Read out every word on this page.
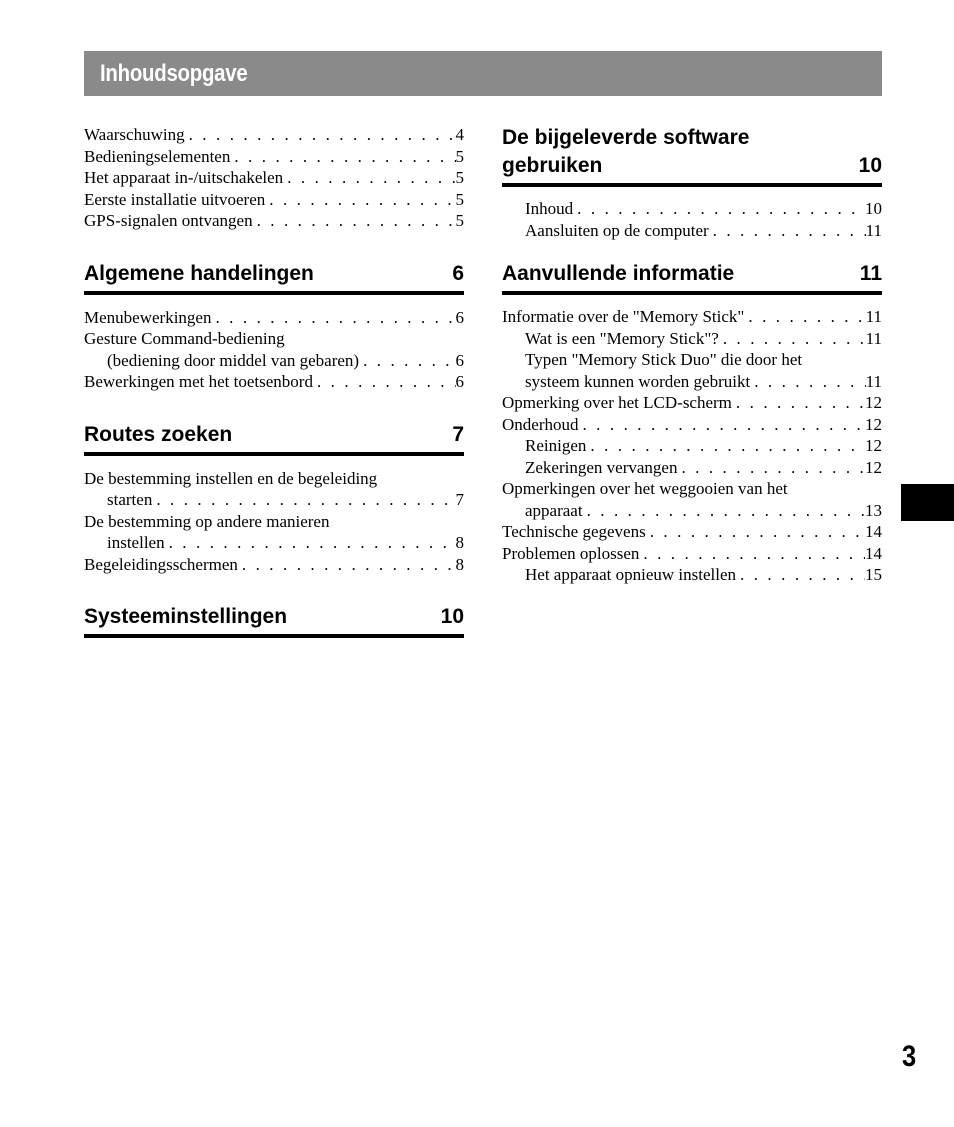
Inhoudsopgave
Waarschuwing . . .	4
Bedieningselementen . . .	5
Het apparaat in-/uitschakelen . . .	5
Eerste installatie uitvoeren . . .	5
GPS-signalen ontvangen . . .	5
Algemene handelingen	6
Menubewerkingen . . .	6
Gesture Command-bediening
(bediening door middel van gebaren) . . .	6
Bewerkingen met het toetsenbord . . .	6
Routes zoeken	7
De bestemming instellen en de begeleiding
starten . . .	7
De bestemming op andere manieren
instellen . . .	8
Begeleidingsschermen . . .	8
Systeeminstellingen	10
De bijgeleverde software
gebruiken	10
Inhoud . . .	10
Aansluiten op de computer . . .	11
Aanvullende informatie	11
Informatie over de "Memory Stick" . . .	11
Wat is een "Memory Stick"? . . .	11
Typen "Memory Stick Duo" die door het
systeem kunnen worden gebruikt . . .	11
Opmerking over het LCD-scherm . . .	12
Onderhoud . . .	12
Reinigen . . .	12
Zekeringen vervangen . . .	12
Opmerkingen over het weggooien van het
apparaat . . .	13
Technische gegevens . . .	14
Problemen oplossen . . .	14
Het apparaat opnieuw instellen . . .	15
3
